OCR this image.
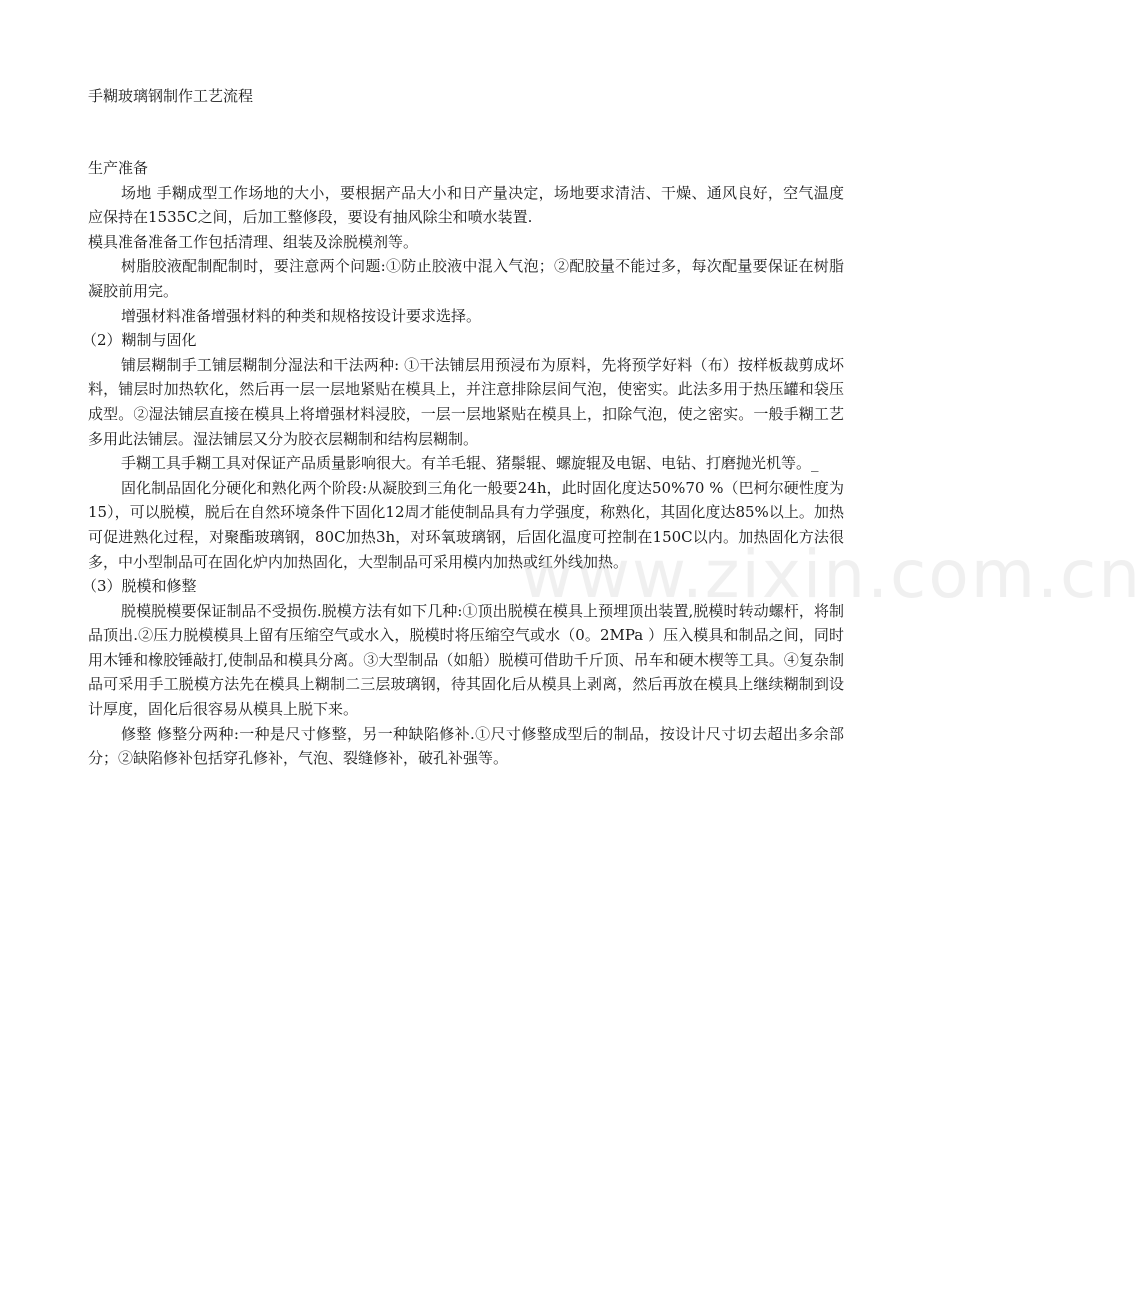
手糊玻璃钢制作工艺流程

生产准备

场地 手糊成型工作场地的大小，要根据产品大小和日产量决定，场地要求清洁、干燥、通风良好，空气温度应保持在1535C之间，后加工整修段，要设有抽风除尘和喷水装置.

模具准备准备工作包括清理、组装及涂脱模剂等。

树脂胶液配制配制时，要注意两个问题:①防止胶液中混入气泡；②配胶量不能过多，每次配量要保证在树脂凝胶前用完。

增强材料准备增强材料的种类和规格按设计要求选择。

（2）糊制与固化

铺层糊制手工铺层糊制分湿法和干法两种: ①干法铺层用预浸布为原料，先将预学好料（布）按样板裁剪成坏料，铺层时加热软化，然后再一层一层地紧贴在模具上，并注意排除层间气泡，使密实。此法多用于热压罐和袋压成型。②湿法铺层直接在模具上将增强材料浸胶，一层一层地紧贴在模具上，扣除气泡，使之密实。一般手糊工艺多用此法铺层。湿法铺层又分为胶衣层糊制和结构层糊制。

手糊工具手糊工具对保证产品质量影响很大。有羊毛辊、猪鬃辊、螺旋辊及电锯、电钻、打磨抛光机等。_

固化制品固化分硬化和熟化两个阶段:从凝胶到三角化一般要24h，此时固化度达50%70 %（巴柯尔硬性度为15），可以脱模，脱后在自然环境条件下固化12周才能使制品具有力学强度，称熟化，其固化度达85%以上。加热可促进熟化过程，对聚酯玻璃钢，80C加热3h，对环氧玻璃钢，后固化温度可控制在150C以内。加热固化方法很多，中小型制品可在固化炉内加热固化，大型制品可采用模内加热或红外线加热。

（3）脱模和修整

脱模脱模要保证制品不受损伤.脱模方法有如下几种:①顶出脱模在模具上预埋顶出装置,脱模时转动螺杆，将制品顶出.②压力脱模模具上留有压缩空气或水入，脱模时将压缩空气或水（0。2MPa ）压入模具和制品之间，同时用木锤和橡胶锤敲打,使制品和模具分离。③大型制品（如船）脱模可借助千斤顶、吊车和硬木楔等工具。④复杂制品可采用手工脱模方法先在模具上糊制二三层玻璃钢，待其固化后从模具上剥离，然后再放在模具上继续糊制到设计厚度，固化后很容易从模具上脱下来。

修整 修整分两种:一种是尺寸修整，另一种缺陷修补.①尺寸修整成型后的制品，按设计尺寸切去超出多余部分；②缺陷修补包括穿孔修补，气泡、裂缝修补，破孔补强等。

www.zixin.com.cn
